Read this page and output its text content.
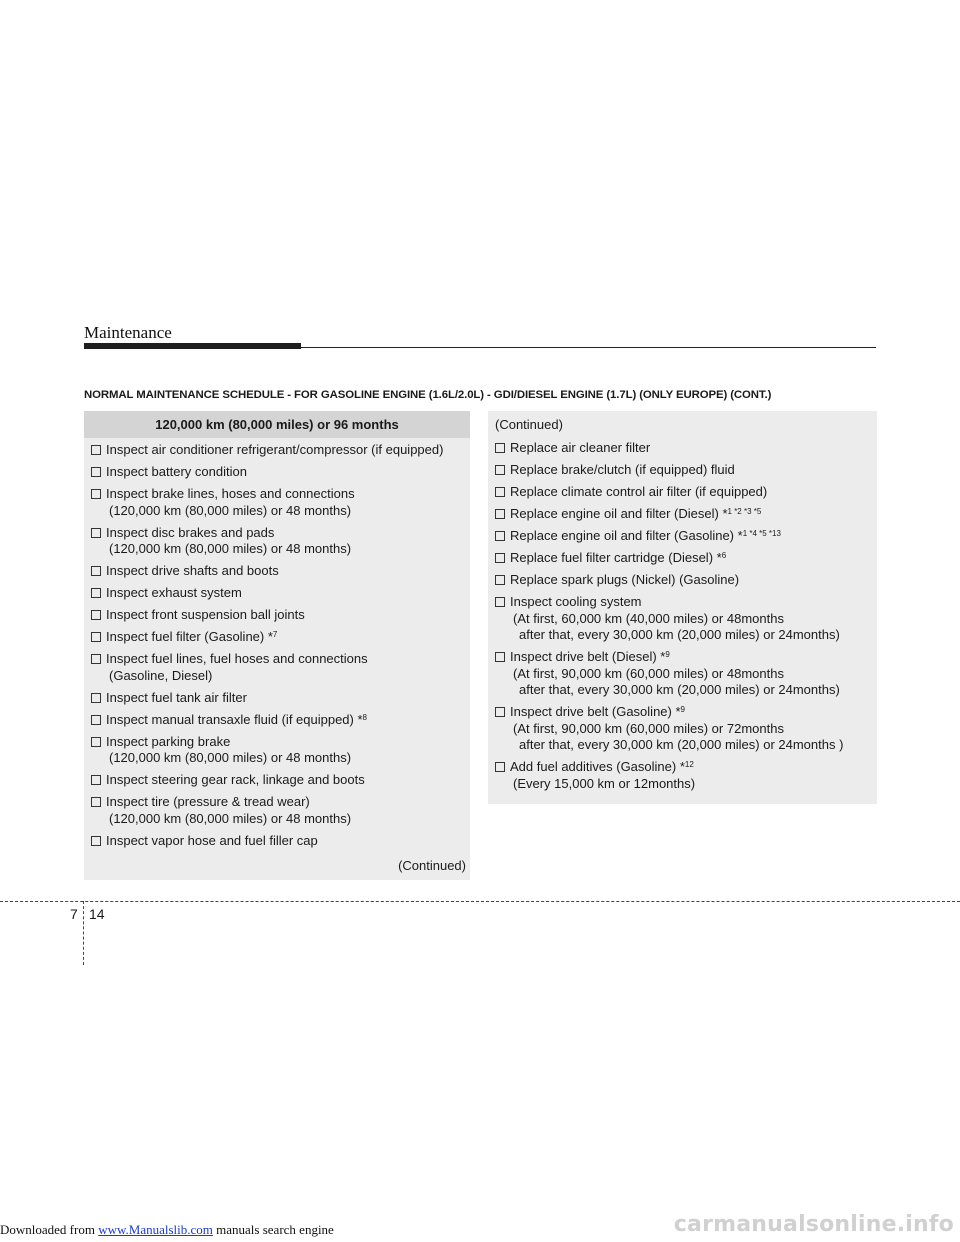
Maintenance
NORMAL MAINTENANCE SCHEDULE - FOR GASOLINE ENGINE (1.6L/2.0L) - GDI/DIESEL ENGINE (1.7L) (ONLY EUROPE) (CONT.)
120,000 km (80,000 miles) or 96 months
Inspect air conditioner refrigerant/compressor (if equipped)
Inspect battery condition
Inspect brake lines, hoses and connections
(120,000 km (80,000 miles) or 48 months)
Inspect disc brakes and pads
(120,000 km (80,000 miles) or 48 months)
Inspect drive shafts and boots
Inspect exhaust system
Inspect front suspension ball joints
Inspect fuel filter (Gasoline) *$^7$
Inspect fuel lines, fuel hoses and connections
(Gasoline, Diesel)
Inspect fuel tank air filter
Inspect manual transaxle fluid (if equipped) *$^8$
Inspect parking brake
(120,000 km (80,000 miles) or 48 months)
Inspect steering gear rack, linkage and boots
Inspect tire (pressure & tread wear)
(120,000 km (80,000 miles) or 48 months)
Inspect vapor hose and fuel filler cap
(Continued)
(Continued)
Replace air cleaner filter
Replace brake/clutch (if equipped) fluid
Replace climate control air filter (if equipped)
Replace engine oil and filter (Diesel) *$^{1 *2 *3 *5}$
Replace engine oil and filter (Gasoline) *$^{1 *4 *5 *13}$
Replace fuel filter cartridge (Diesel) *$^6$
Replace spark plugs (Nickel) (Gasoline)
Inspect cooling system
(At first, 60,000 km (40,000 miles) or 48months
after that, every 30,000 km (20,000 miles) or 24months)
Inspect drive belt (Diesel) *$^9$
(At first, 90,000 km (60,000 miles) or 48months
after that, every 30,000 km (20,000 miles) or 24months)
Inspect drive belt (Gasoline) *$^9$
(At first, 90,000 km (60,000 miles) or 72months
after that, every 30,000 km (20,000 miles) or 24months )
Add fuel additives (Gasoline) *$^{12}$
(Every 15,000 km or 12months)
7 14
Downloaded from www.Manualslib.com manuals search engine	carmanualsonline.info
